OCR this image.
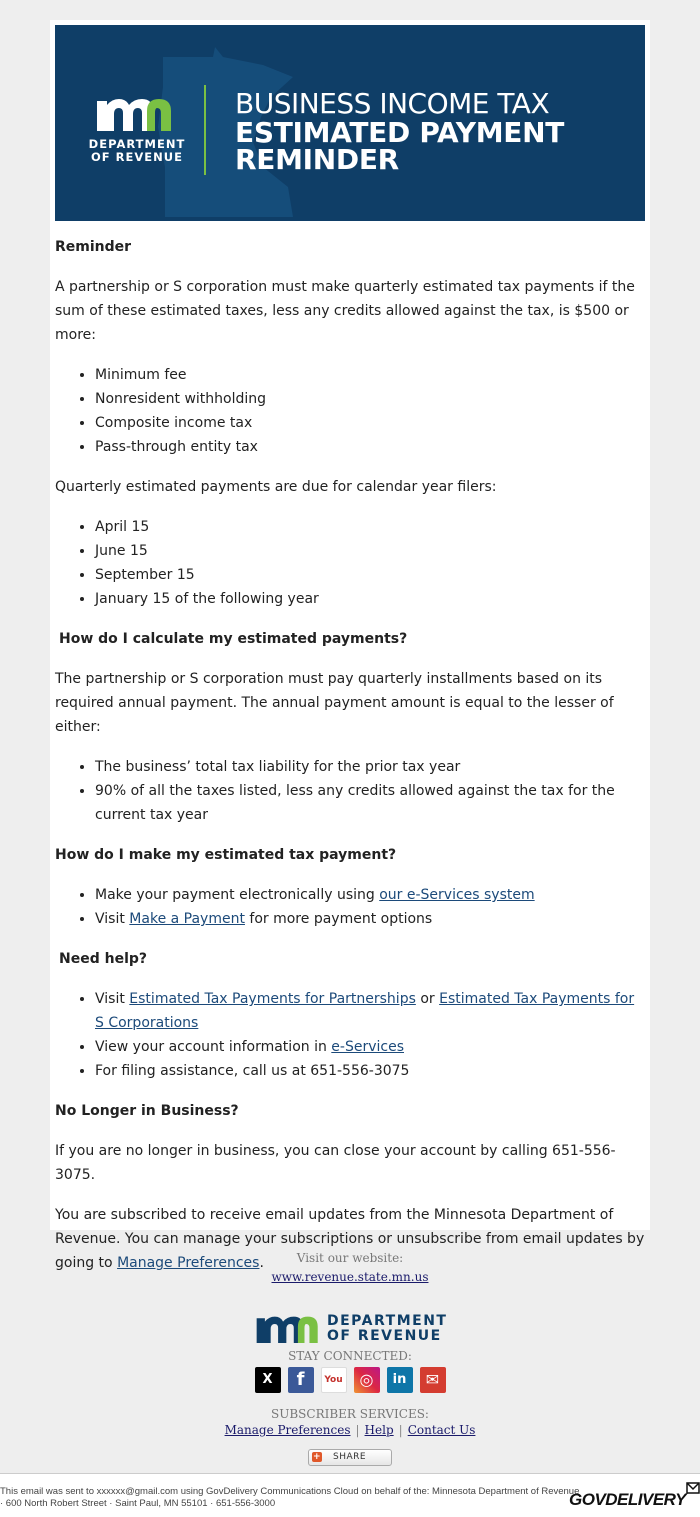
DEPARTMENT
OF REVENUE
BUSINESS INCOME TAX
ESTIMATED PAYMENT
REMINDER
Reminder

A partnership or S corporation must make quarterly estimated tax payments if the sum of these estimated taxes, less any credits allowed against the tax, is $500 or more:

• Minimum fee
• Nonresident withholding
• Composite income tax
• Pass-through entity tax

Quarterly estimated payments are due for calendar year filers:

• April 15
• June 15
• September 15
• January 15 of the following year
How do I calculate my estimated payments?

The partnership or S corporation must pay quarterly installments based on its required annual payment. The annual payment amount is equal to the lesser of either:

• The business’ total tax liability for the prior tax year
• 90% of all the taxes listed, less any credits allowed against the tax for the current tax year
How do I make my estimated tax payment?
• Make your payment electronically using our e-Services system
• Visit Make a Payment for more payment options
Need help?
• Visit Estimated Tax Payments for Partnerships or Estimated Tax Payments for S Corporations
• View your account information in e-Services
• For filing assistance, call us at 651-556-3075
No Longer in Business?

If you are no longer in business, you can close your account by calling 651-556-3075.

You are subscribed to receive email updates from the Minnesota Department of Revenue. You can manage your subscriptions or unsubscribe from email updates by going to Manage Preferences.	Visit our website:
www.revenue.state.mn.us
DEPARTMENT
OF REVENUE
STAY CONNECTED:
X	f	You	◎	in	✉
SUBSCRIBER SERVICES:
Manage Preferences | Help | Contact Us
+ SHARE
This email was sent to xxxxxx@gmail.com using GovDelivery Communications Cloud on behalf of the: Minnesota Department of Revenue · 600 North Robert Street · Saint Paul, MN 55101 · 651-556-3000	GOVDELIVERY
